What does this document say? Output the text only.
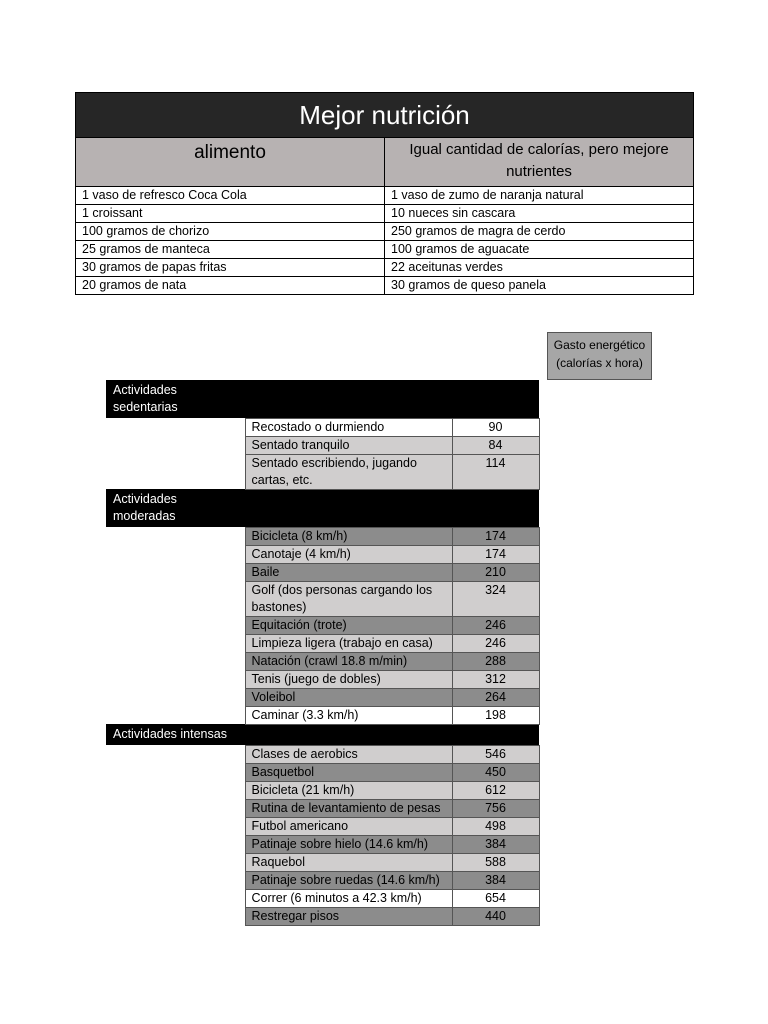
Mejor nutrición	
alimento	Igual cantidad de calorías, pero mejore nutrientes
1 vaso de refresco Coca Cola	1 vaso de zumo de naranja natural
1 croissant	10 nueces sin cascara
100 gramos de chorizo	250 gramos de magra de cerdo
25 gramos de manteca	100 gramos de aguacate
30 gramos de papas fritas	22 aceitunas verdes
20 gramos de nata	30 gramos de queso panela
Gasto energético (calorías x hora)
Actividades sedentarias		
	Recostado o durmiendo	90
	Sentado tranquilo	84
	Sentado escribiendo, jugando cartas, etc.	114
Actividades moderadas		
	Bicicleta (8 km/h)	174
	Canotaje (4 km/h)	174
	Baile	210
	Golf (dos personas cargando los bastones)	324
	Equitación (trote)	246
	Limpieza ligera (trabajo en casa)	246
	Natación (crawl 18.8 m/min)	288
	Tenis (juego de dobles)	312
	Voleibol	264
	Caminar (3.3 km/h)	198
Actividades intensas		
	Clases de aerobics	546
	Basquetbol	450
	Bicicleta (21 km/h)	612
	Rutina de levantamiento de pesas	756
	Futbol americano	498
	Patinaje sobre hielo (14.6 km/h)	384
	Raquebol	588
	Patinaje sobre ruedas (14.6 km/h)	384
	Correr (6 minutos a 42.3 km/h)	654
	Restregar pisos	440
